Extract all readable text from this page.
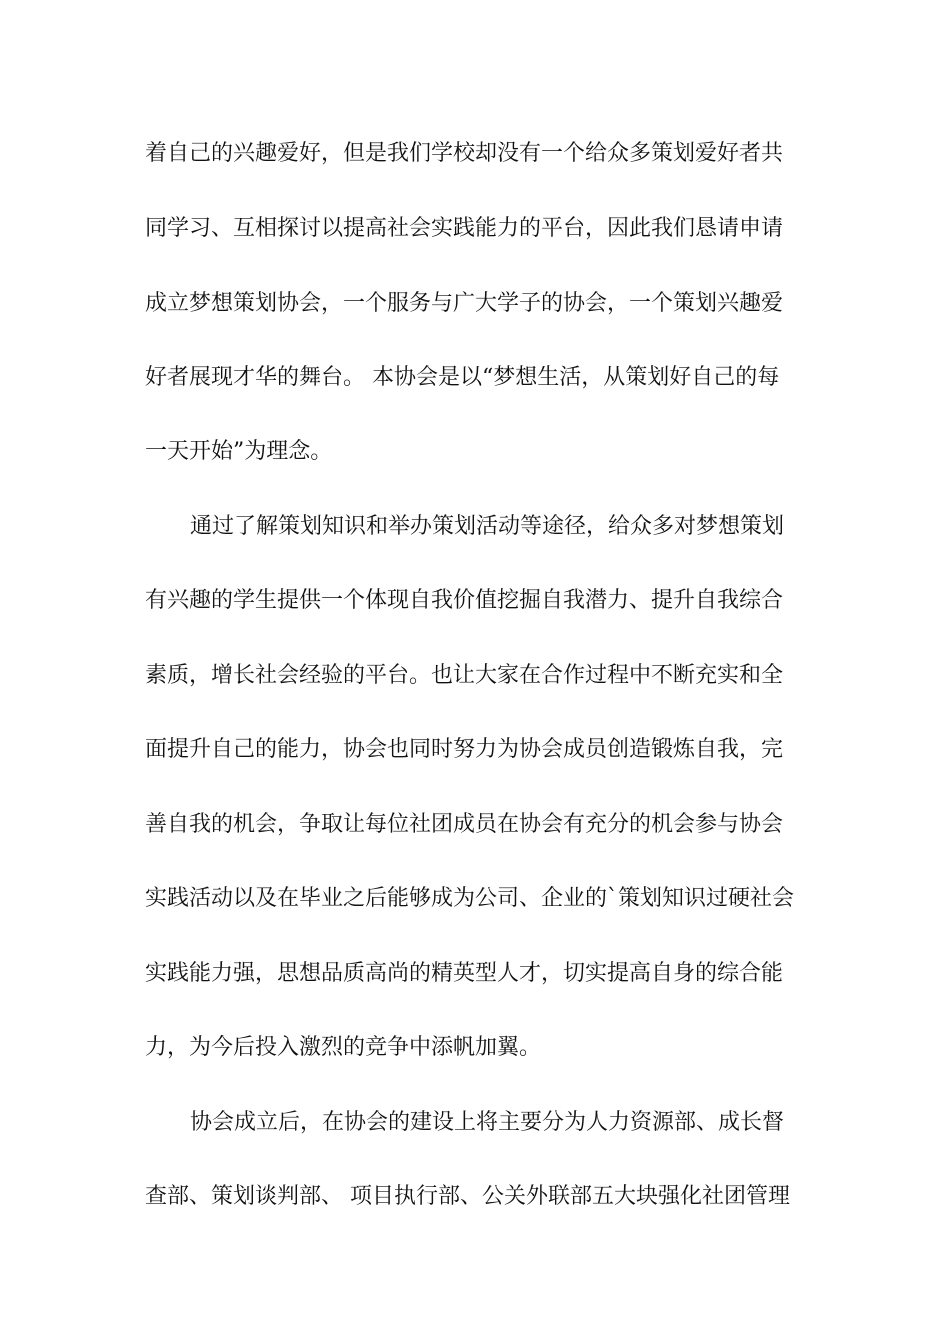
着自己的兴趣爱好，但是我们学校却没有一个给众多策划爱好者共
同学习、互相探讨以提高社会实践能力的平台，因此我们恳请申请
成立梦想策划协会，一个服务与广大学子的协会，一个策划兴趣爱
好者展现才华的舞台。 本协会是以“梦想生活，从策划好自己的每
一天开始”为理念。
通过了解策划知识和举办策划活动等途径，给众多对梦想策划
有兴趣的学生提供一个体现自我价值挖掘自我潜力、提升自我综合
素质，增长社会经验的平台。也让大家在合作过程中不断充实和全
面提升自己的能力，协会也同时努力为协会成员创造锻炼自我，完
善自我的机会，争取让每位社团成员在协会有充分的机会参与协会
实践活动以及在毕业之后能够成为公司、企业的`策划知识过硬社会
实践能力强，思想品质高尚的精英型人才，切实提高自身的综合能
力，为今后投入激烈的竞争中添帆加翼。
协会成立后，在协会的建设上将主要分为人力资源部、成长督
查部、策划谈判部、 项目执行部、公关外联部五大块强化社团管理
